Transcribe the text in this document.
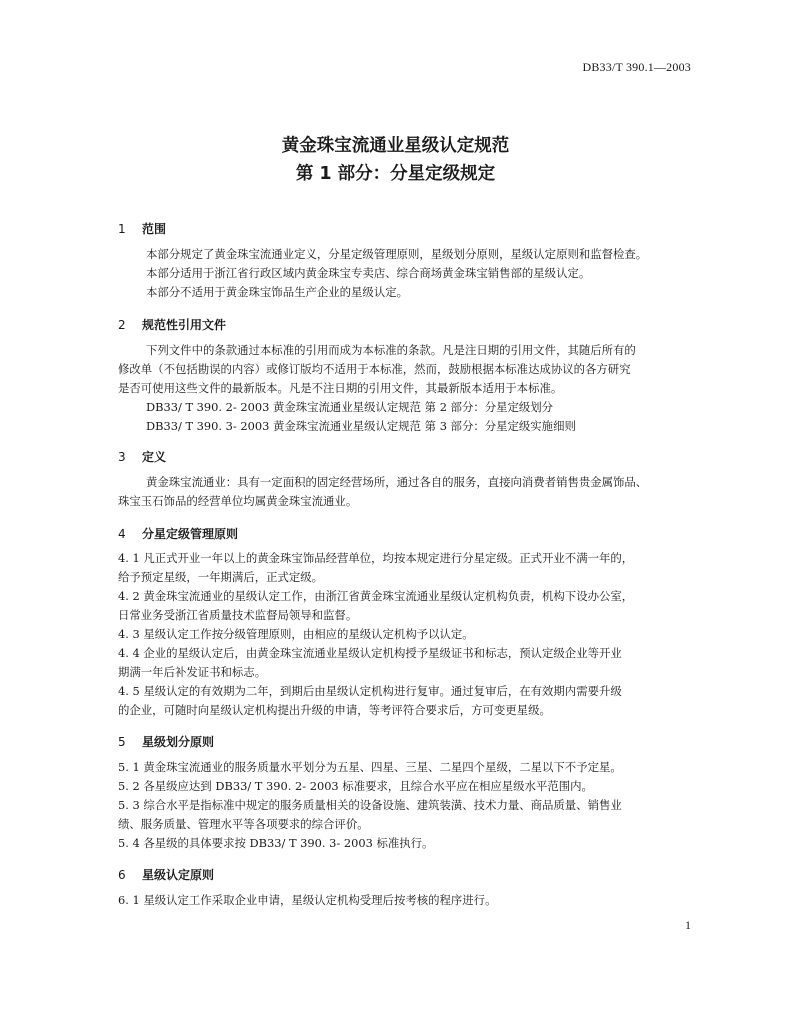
DB33/T 390.1—2003
黄金珠宝流通业星级认定规范
第 1 部分：分星定级规定
1 范围
本部分规定了黄金珠宝流通业定义，分星定级管理原则，星级划分原则，星级认定原则和监督检查。
本部分适用于浙江省行政区域内黄金珠宝专卖店、综合商场黄金珠宝销售部的星级认定。
本部分不适用于黄金珠宝饰品生产企业的星级认定。
2 规范性引用文件
下列文件中的条款通过本标准的引用而成为本标准的条款。凡是注日期的引用文件，其随后所有的
修改单（不包括勘误的内容）或修订版均不适用于本标准，然而，鼓励根据本标准达成协议的各方研究
是否可使用这些文件的最新版本。凡是不注日期的引用文件，其最新版本适用于本标准。
DB33/ T 390. 2- 2003 黄金珠宝流通业星级认定规范 第 2 部分：分星定级划分
DB33/ T 390. 3- 2003 黄金珠宝流通业星级认定规范 第 3 部分：分星定级实施细则
3 定义
黄金珠宝流通业：具有一定面积的固定经营场所，通过各自的服务，直接向消费者销售贵金属饰品、
珠宝玉石饰品的经营单位均属黄金珠宝流通业。
4 分星定级管理原则
4. 1 凡正式开业一年以上的黄金珠宝饰品经营单位，均按本规定进行分星定级。正式开业不满一年的，
给予预定星级，一年期满后，正式定级。
4. 2 黄金珠宝流通业的星级认定工作，由浙江省黄金珠宝流通业星级认定机构负责，机构下设办公室，
日常业务受浙江省质量技术监督局领导和监督。
4. 3 星级认定工作按分级管理原则，由相应的星级认定机构予以认定。
4. 4 企业的星级认定后，由黄金珠宝流通业星级认定机构授予星级证书和标志，预认定级企业等开业
期满一年后补发证书和标志。
4. 5 星级认定的有效期为二年，到期后由星级认定机构进行复审。通过复审后，在有效期内需要升级
的企业，可随时向星级认定机构提出升级的申请，等考评符合要求后，方可变更星级。
5 星级划分原则
5. 1 黄金珠宝流通业的服务质量水平划分为五星、四星、三星、二星四个星级，二星以下不予定星。
5. 2 各星级应达到 DB33/ T 390. 2- 2003 标准要求，且综合水平应在相应星级水平范围内。
5. 3 综合水平是指标准中规定的服务质量相关的设备设施、建筑装潢、技术力量、商品质量、销售业
绩、服务质量、管理水平等各项要求的综合评价。
5. 4 各星级的具体要求按 DB33/ T 390. 3- 2003 标准执行。
6 星级认定原则
6. 1 星级认定工作采取企业申请，星级认定机构受理后按考核的程序进行。
1
